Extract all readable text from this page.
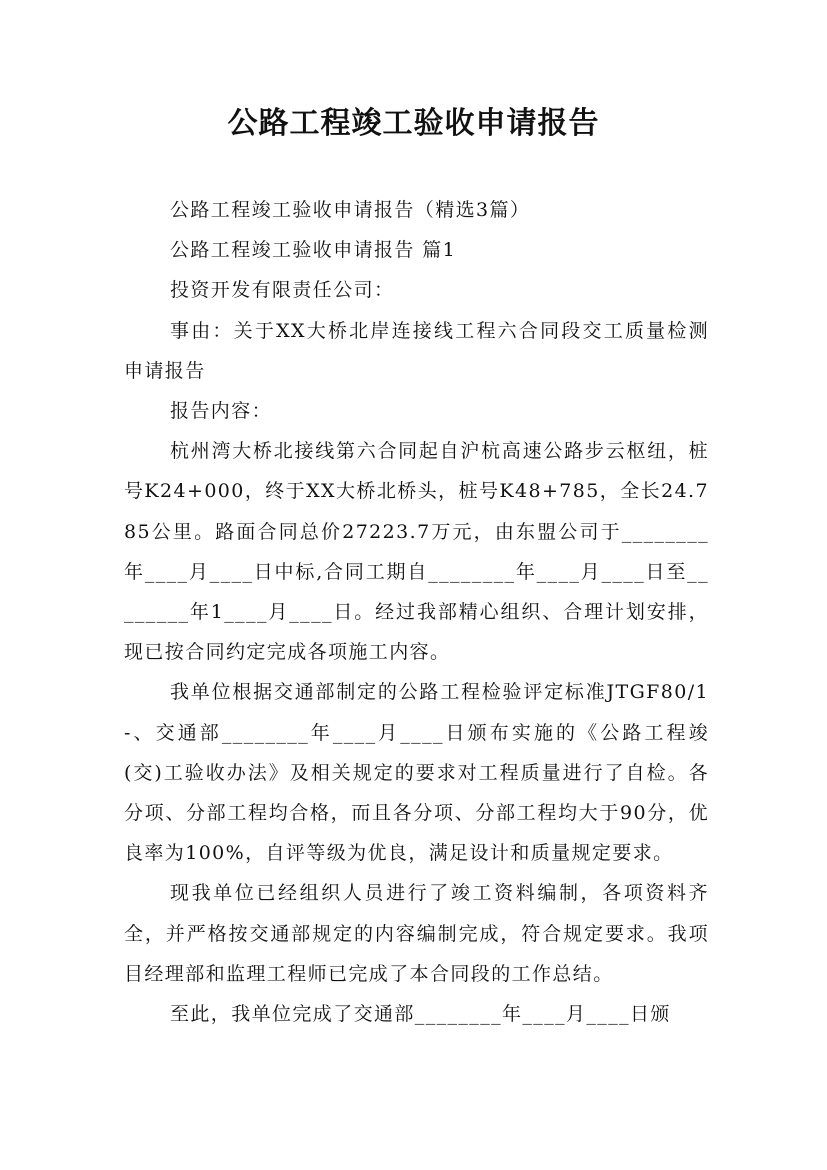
公路工程竣工验收申请报告

公路工程竣工验收申请报告（精选3篇）

公路工程竣工验收申请报告 篇1

投资开发有限责任公司：

事由：关于XX大桥北岸连接线工程六合同段交工质量检测申请报告

报告内容：

杭州湾大桥北接线第六合同起自沪杭高速公路步云枢纽，桩号K24+000，终于XX大桥北桥头，桩号K48+785，全长24.785公里。路面合同总价27223.7万元，由东盟公司于________年____月____日中标,合同工期自________年____月____日至________年1____月____日。经过我部精心组织、合理计划安排，现已按合同约定完成各项施工内容。

我单位根据交通部制定的公路工程检验评定标准JTGF80/1-、交通部________年____月____日颁布实施的《公路工程竣(交)工验收办法》及相关规定的要求对工程质量进行了自检。各分项、分部工程均合格，而且各分项、分部工程均大于90分，优良率为100%，自评等级为优良，满足设计和质量规定要求。

现我单位已经组织人员进行了竣工资料编制，各项资料齐全，并严格按交通部规定的内容编制完成，符合规定要求。我项目经理部和监理工程师已完成了本合同段的工作总结。

至此，我单位完成了交通部________年____月____日颁
